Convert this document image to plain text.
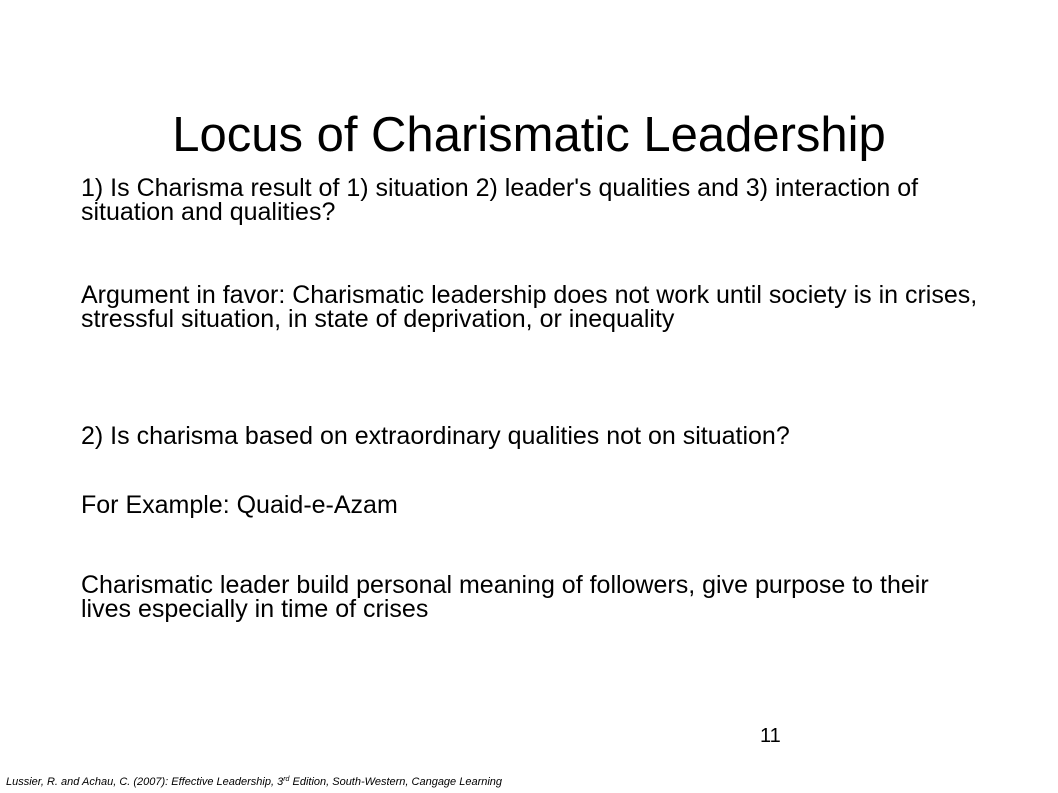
Locus of Charismatic Leadership

1) Is Charisma result of 1) situation 2) leader's qualities and 3) interaction of situation and qualities?

Argument in favor: Charismatic leadership does not work until society is in crises, stressful situation, in state of deprivation, or inequality

2) Is charisma based on extraordinary qualities not on situation?

For Example: Quaid-e-Azam

Charismatic leader build personal meaning of followers, give purpose to their lives especially in time of crises

11
Lussier, R. and Achau, C. (2007): Effective Leadership, 3rd Edition, South-Western, Cangage Learning
